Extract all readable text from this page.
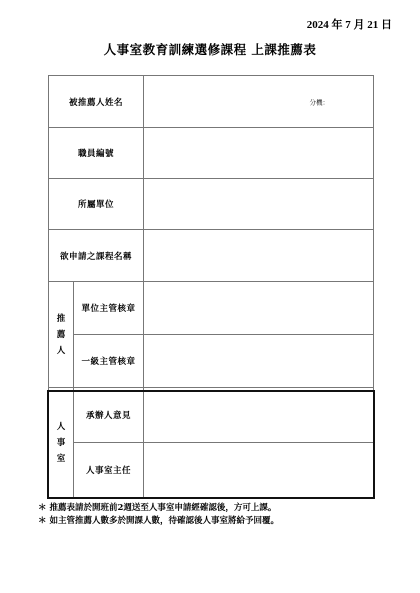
2024 年 7 月 21 日
人事室教育訓練選修課程 上課推薦表
被推薦人姓名		分機：

職員編號		
所屬單位		
欲申請之課程名稱		
推薦人	單位主管核章	
	一級主管核章	
人事室	承辦人意見	
	人事室主任	
＊ 推薦表請於開班前2週送至人事室申請經確認後，方可上課。
＊ 如主管推薦人數多於開課人數，待確認後人事室將給予回覆。
